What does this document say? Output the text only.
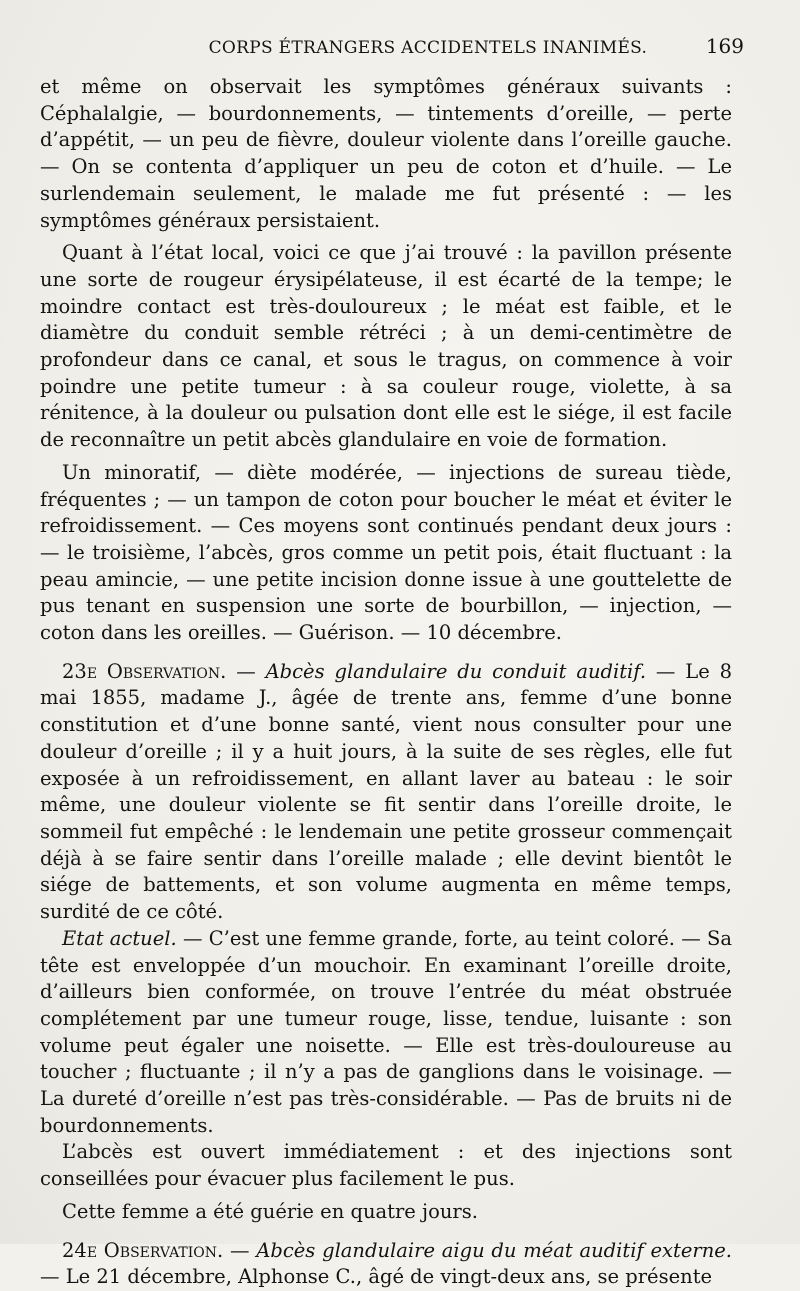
CORPS ÉTRANGERS ACCIDENTELS INANIMÉS.	169

et même on observait les symptômes généraux suivants : Céphalalgie, — bourdonnements, — tintements d’oreille, — perte d’appétit, — un peu de fièvre, douleur violente dans l’oreille gauche. — On se contenta d’appliquer un peu de coton et d’huile. — Le surlendemain seulement, le malade me fut présenté : — les symptômes généraux persistaient.

Quant à l’état local, voici ce que j’ai trouvé : la pavillon présente une sorte de rougeur érysipélateuse, il est écarté de la tempe; le moindre contact est très-douloureux ; le méat est faible, et le diamètre du conduit semble rétréci ; à un demi-centimètre de profondeur dans ce canal, et sous le tragus, on commence à voir poindre une petite tumeur : à sa couleur rouge, violette, à sa rénitence, à la douleur ou pulsation dont elle est le siége, il est facile de reconnaître un petit abcès glandulaire en voie de formation.

Un minoratif, — diète modérée, — injections de sureau tiède, fréquentes ; — un tampon de coton pour boucher le méat et éviter le refroidissement. — Ces moyens sont continués pendant deux jours : — le troisième, l’abcès, gros comme un petit pois, était fluctuant : la peau amincie, — une petite incision donne issue à une gouttelette de pus tenant en suspension une sorte de bourbillon, — injection, — coton dans les oreilles. — Guérison. — 10 décembre.

23e Observation. — Abcès glandulaire du conduit auditif. — Le 8 mai 1855, madame J., âgée de trente ans, femme d’une bonne constitution et d’une bonne santé, vient nous consulter pour une douleur d’oreille ; il y a huit jours, à la suite de ses règles, elle fut exposée à un refroidissement, en allant laver au bateau : le soir même, une douleur violente se fit sentir dans l’oreille droite, le sommeil fut empêché : le lendemain une petite grosseur commençait déjà à se faire sentir dans l’oreille malade ; elle devint bientôt le siége de battements, et son volume augmenta en même temps, surdité de ce côté.

Etat actuel. — C’est une femme grande, forte, au teint coloré. — Sa tête est enveloppée d’un mouchoir. En examinant l’oreille droite, d’ailleurs bien conformée, on trouve l’entrée du méat obstruée complétement par une tumeur rouge, lisse, tendue, luisante : son volume peut égaler une noisette. — Elle est très-douloureuse au toucher ; fluctuante ; il n’y a pas de ganglions dans le voisinage. — La dureté d’oreille n’est pas très-considérable. — Pas de bruits ni de bourdonnements.

L’abcès est ouvert immédiatement : et des injections sont conseillées pour évacuer plus facilement le pus.

Cette femme a été guérie en quatre jours.

24e Observation. — Abcès glandulaire aigu du méat auditif externe. — Le 21 décembre, Alphonse C., âgé de vingt-deux ans, se présente
